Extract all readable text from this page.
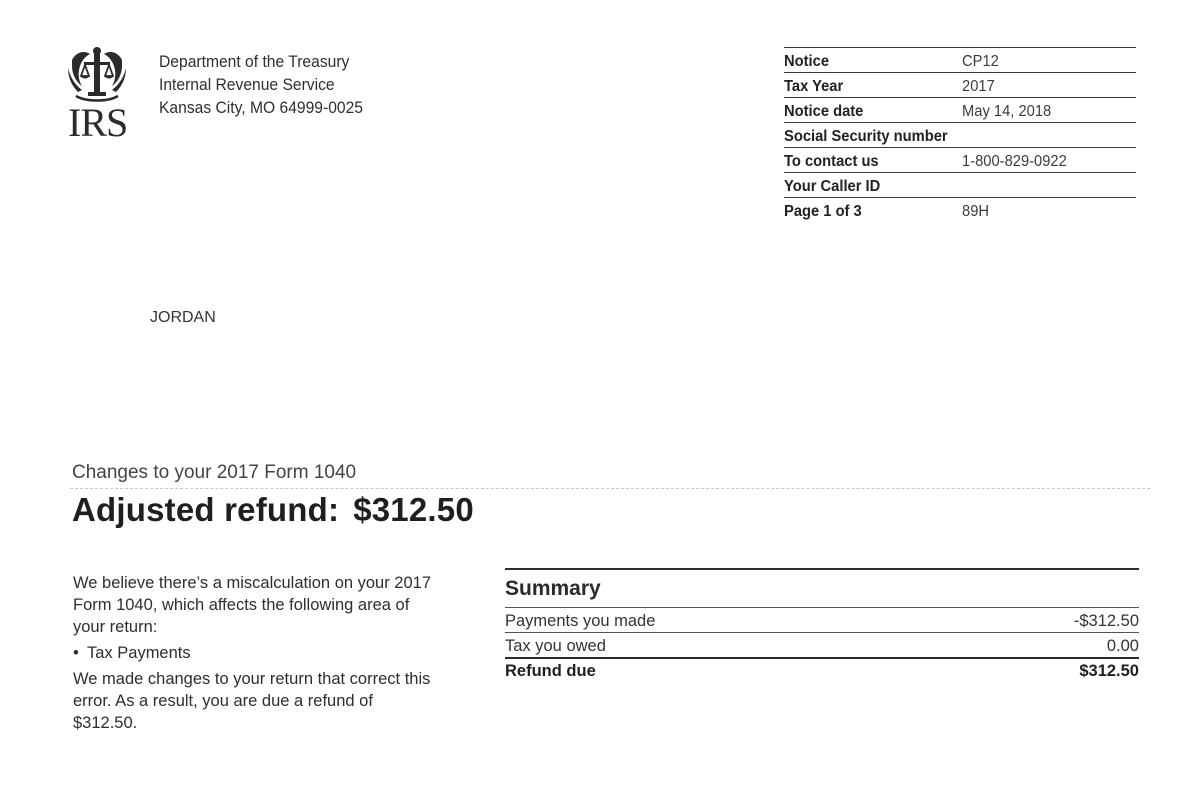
IRS
Department of the Treasury
Internal Revenue Service
Kansas City, MO 64999-0025
Notice	CP12
Tax Year	2017
Notice date	May 14, 2018
Social Security number
To contact us	1-800-829-0922
Your Caller ID
Page 1 of 3	89H
JORDAN
Changes to your 2017 Form 1040
Adjusted refund: $312.50

We believe there’s a miscalculation on your 2017 Form 1040, which affects the following area of your return:

• Tax Payments

We made changes to your return that correct this error. As a result, you are due a refund of $312.50.

Summary
Payments you made	-$312.50
Tax you owed	0.00
Refund due	$312.50
